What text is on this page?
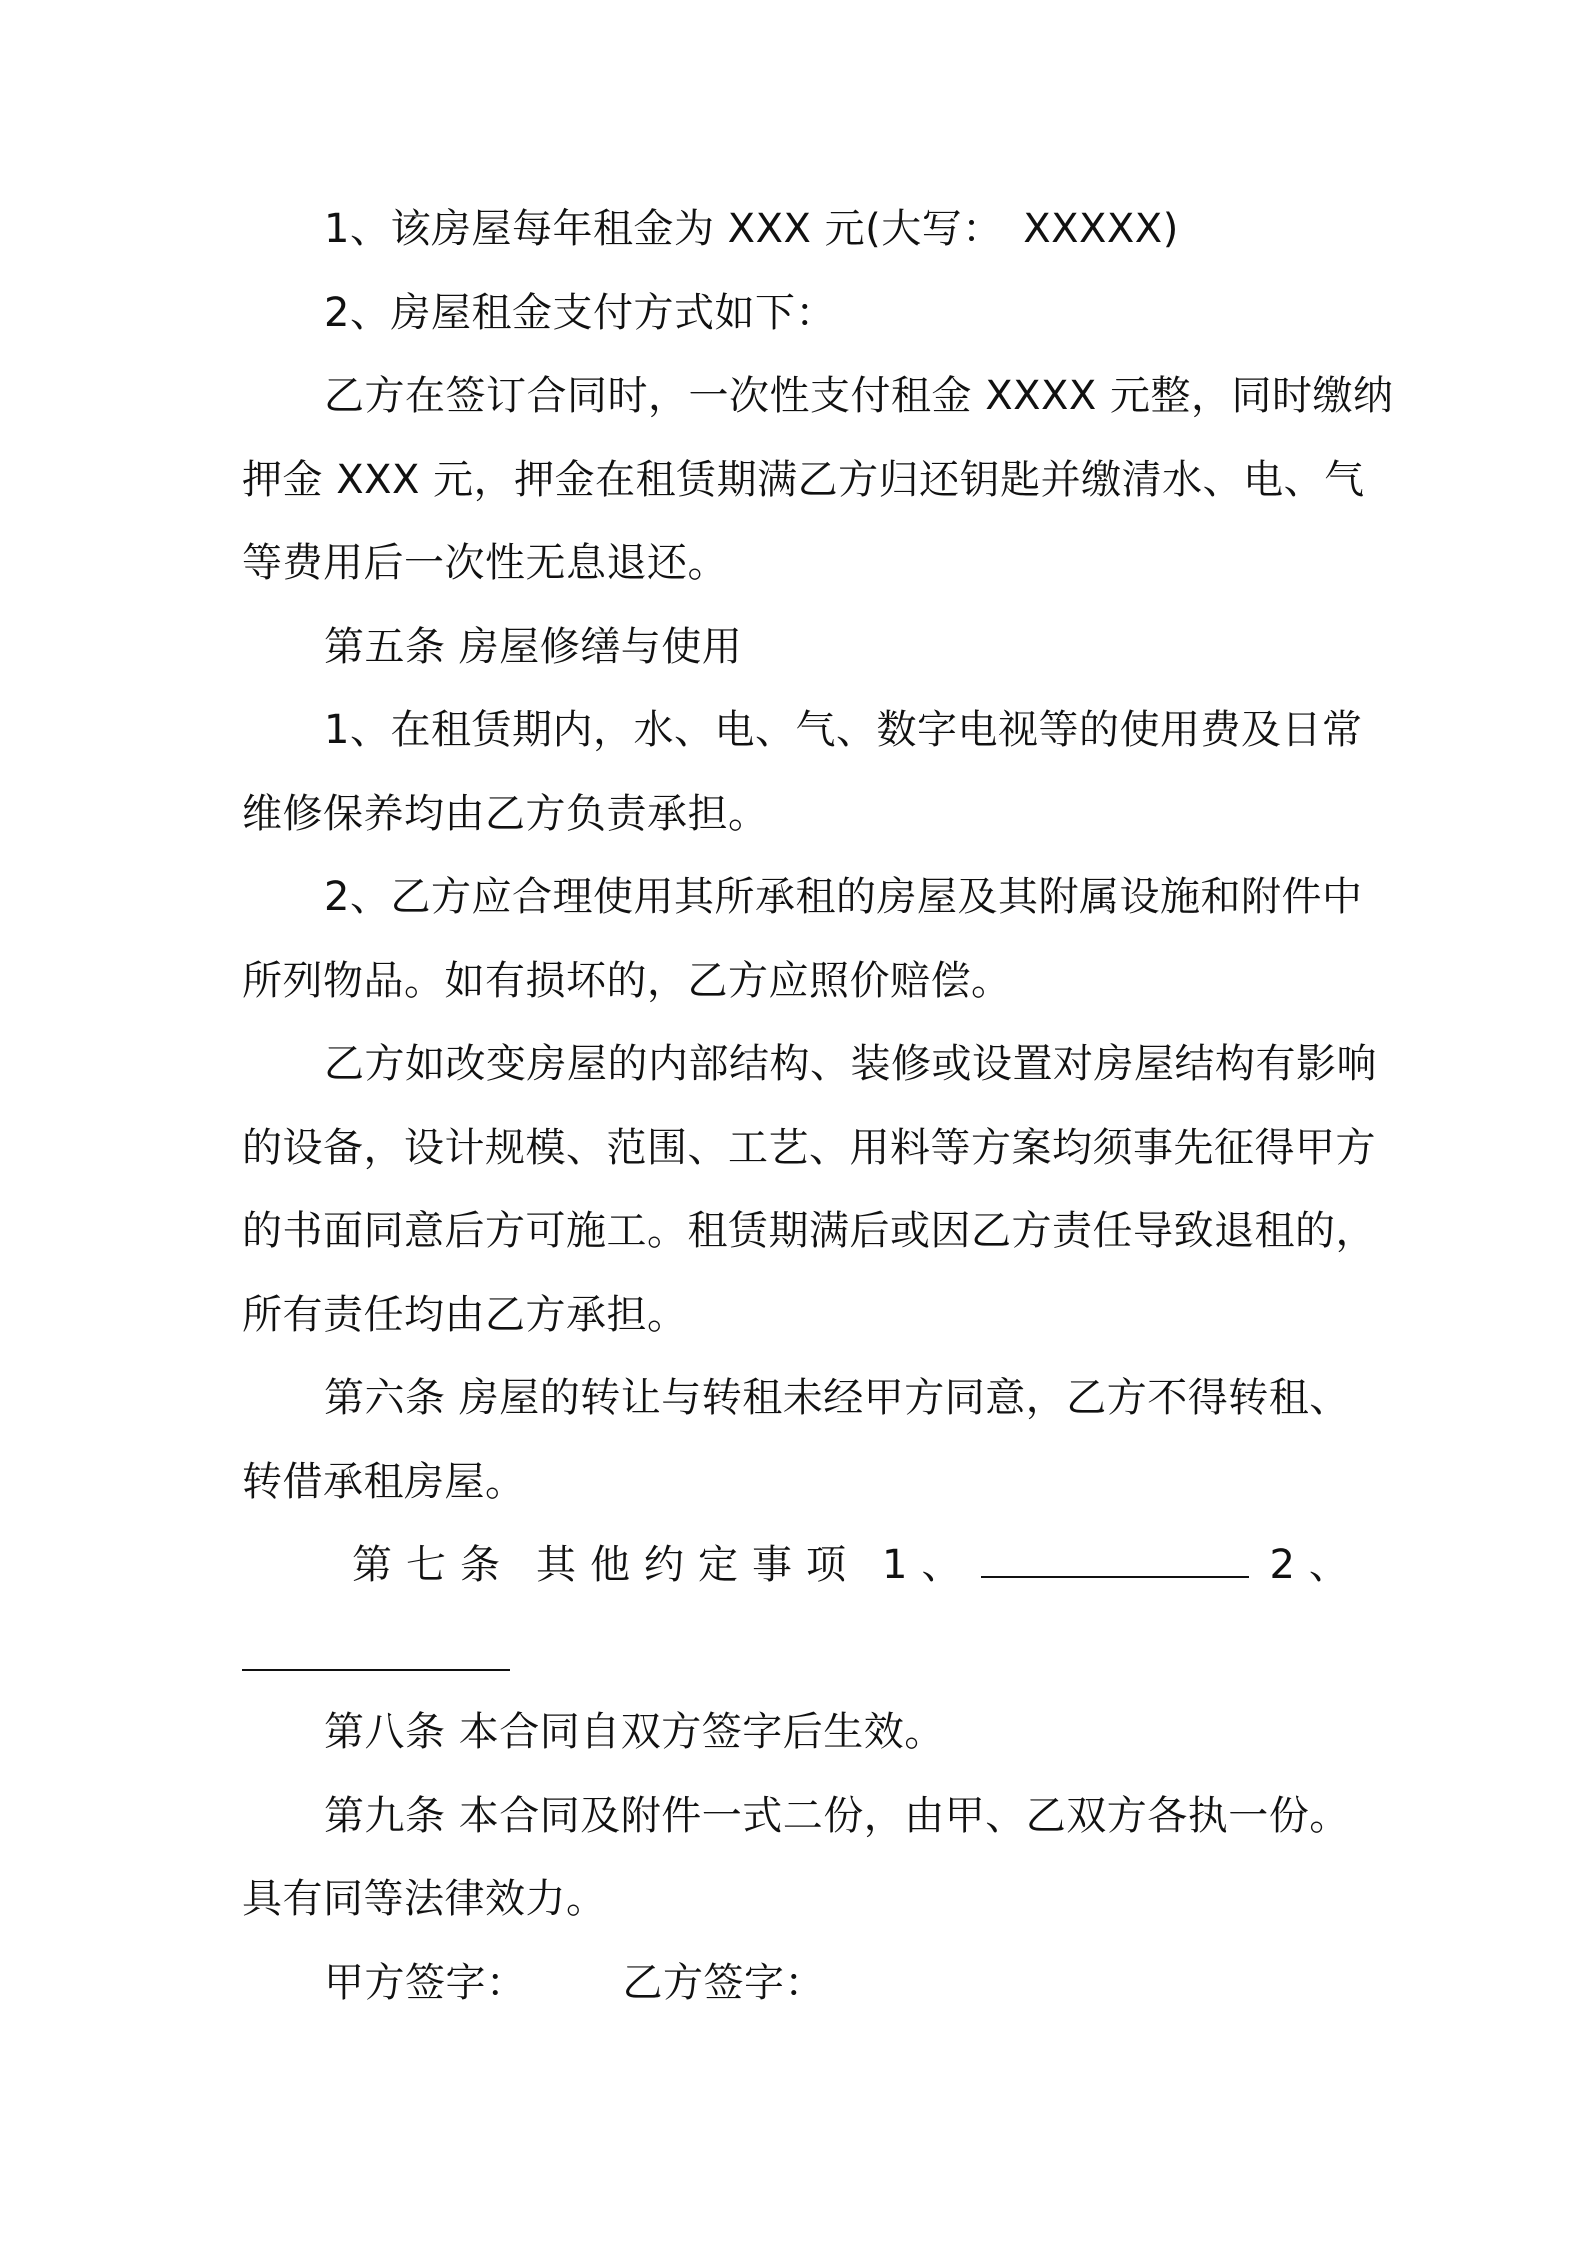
1、该房屋每年租金为 XXX 元(大写：　XXXXX)
2、房屋租金支付方式如下：
乙方在签订合同时，一次性支付租金 XXXX 元整，同时缴纳
押金 XXX 元，押金在租赁期满乙方归还钥匙并缴清水、电、气
等费用后一次性无息退还。
第五条 房屋修缮与使用
1、在租赁期内，水、电、气、数字电视等的使用费及日常
维修保养均由乙方负责承担。
2、乙方应合理使用其所承租的房屋及其附属设施和附件中
所列物品。如有损坏的，乙方应照价赔偿。
乙方如改变房屋的内部结构、装修或设置对房屋结构有影响
的设备，设计规模、范围、工艺、用料等方案均须事先征得甲方
的书面同意后方可施工。租赁期满后或因乙方责任导致退租的，
所有责任均由乙方承担。
第六条 房屋的转让与转租未经甲方同意，乙方不得转租、
转借承租房屋。
第七条 其他约定事项 1、	2、
第八条 本合同自双方签字后生效。
第九条 本合同及附件一式二份，由甲、乙双方各执一份。
具有同等法律效力。
甲方签字： 乙方签字：
